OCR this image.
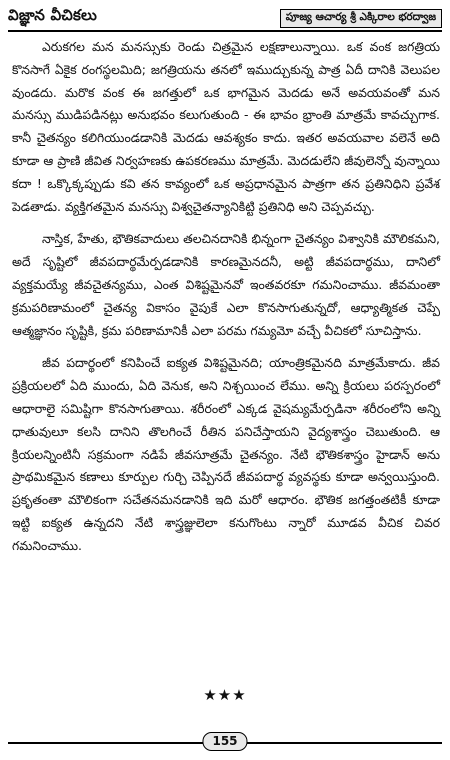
విజ్ఞాన వీచికలు	పూజ్య ఆచార్య శ్రీ ఎక్కిరాల భరద్వాజ

ఎరుకగల మన మనస్సుకు రెండు చిత్రమైన లక్షణాలున్నాయి. ఒక వంక జగత్రియ కొనసాగే ఏకైక రంగస్థలమిది; జగత్రియను తనలో ఇముద్చుకున్న పాత్ర ఏదీ దానికి వెలుపల వుండదు. మరొక వంక ఈ జగత్తులో ఒక భాగమైన మెదడు అనే అవయవంతో మన మనస్సు ముడిపడినట్లు అనుభవం కలుగుతుంది - ఈ భావం భ్రాంతి మాత్రమే కావచ్చుగాక. కానీ చైతన్యం కలిగియుండడానికి మెదడు ఆవశ్యకం కాదు. ఇతర అవయవాల వలెనే అది కూడా ఆ ప్రాణి జీవిత నిర్వహణకు ఉపకరణము మాత్రమే. మెదడులేని జీవులెన్నో వున్నాయి కదా ! ఒక్కొక్కప్పుడు కవి తన కావ్యంలో ఒక అప్రధానమైన పాత్రగా తన ప్రతినిధిని ప్రవేశ పెడతాడు. వ్యక్తిగతమైన మనస్సు విశ్వచైతన్యానికిట్టి ప్రతినిధి అని చెప్పవచ్చు.

నాస్తిక, హేతు, భౌతికవాదులు తలచినదానికి భిన్నంగా చైతన్యం విశ్వానికి మౌలికమని, అదే సృష్టిలో జీవపదార్థమేర్పడడానికి కారణమైనదనీ, అట్టి జీవపదార్థము, దానిలో వ్యక్తమయ్యే జీవచైతన్యము, ఎంత విశిష్టమైనవో ఇంతవరకూ గమనించాము. జీవమంతా క్రమపరిణామంలో చైతన్య వికాసం వైపుకే ఎలా కొనసాగుతున్నదో, ఆధ్యాత్మికత చెప్పే ఆత్మజ్ఞానం సృష్టికి, క్రమ పరిణామానికీ ఎలా పరమ గమ్యమో వచ్చే వీచికలో సూచిస్తాను.

జీవ పదార్థంలో కనిపించే ఐక్యత విశిష్టమైనది; యాంత్రికమైనది మాత్రమేకాదు. జీవ ప్రక్రియలలో ఏది ముందు, ఏది వెనుక, అని నిశ్చయించ లేము. అన్ని క్రియలు పరస్పరంలో ఆధారాలై సమిష్టిగా కొనసాగుతాయి. శరీరంలో ఎక్కడ వైషమ్యమేర్పడినా శరీరంలోని అన్ని ధాతువులూ కలసి దానిని తొలగించే రీతిన పనిచేస్తాయని వైద్యశాస్త్రం చెబుతుంది. ఆ క్రియలన్నింటినీ సక్రమంగా నడిపే జీవసూత్రమే చైతన్యం. నేటి భౌతికశాస్త్రం హైడాన్ అను ప్రాథమికమైన కణాలు కూర్పుల గుర్చి చెప్పినదే జీవపదార్థ వ్యవస్థకు కూడా అన్వయిస్తుంది. ప్రకృతంతా మౌలికంగా సచేతనమనడానికి ఇది మరో ఆధారం. భౌతిక జగత్తంతటికీ కూడా ఇట్టి ఐక్యత ఉన్నదని నేటి శాస్త్రజ్ఞులెలా కనుగొంటు న్నారో మూడవ వీచిక చివర గమనించాము.

★★★
155
